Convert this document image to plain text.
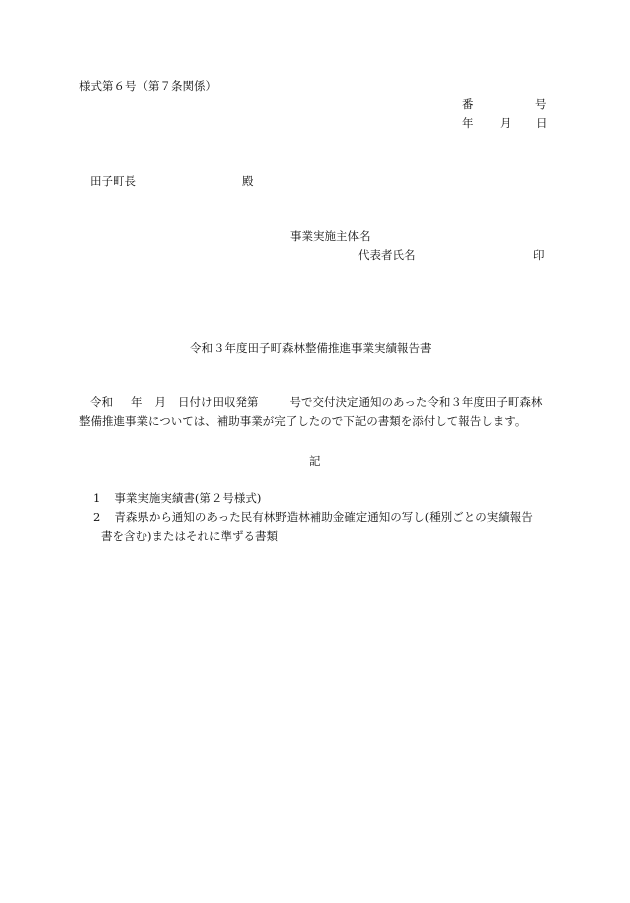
様式第６号（第７条関係）
番	号
年 月 日
田子町長	殿
事業実施主体名
代表者氏名	印
令和３年度田子町森林整備推進事業実績報告書
令和 年 月 日付け田収発第	号で交付決定通知のあった令和３年度田子町森林
整備推進事業については、補助事業が完了したので下記の書類を添付して報告します。
記
1 事業実施実績書(第２号様式)
2 青森県から通知のあった民有林野造林補助金確定通知の写し(種別ごとの実績報告
書を含む)またはそれに準ずる書類
